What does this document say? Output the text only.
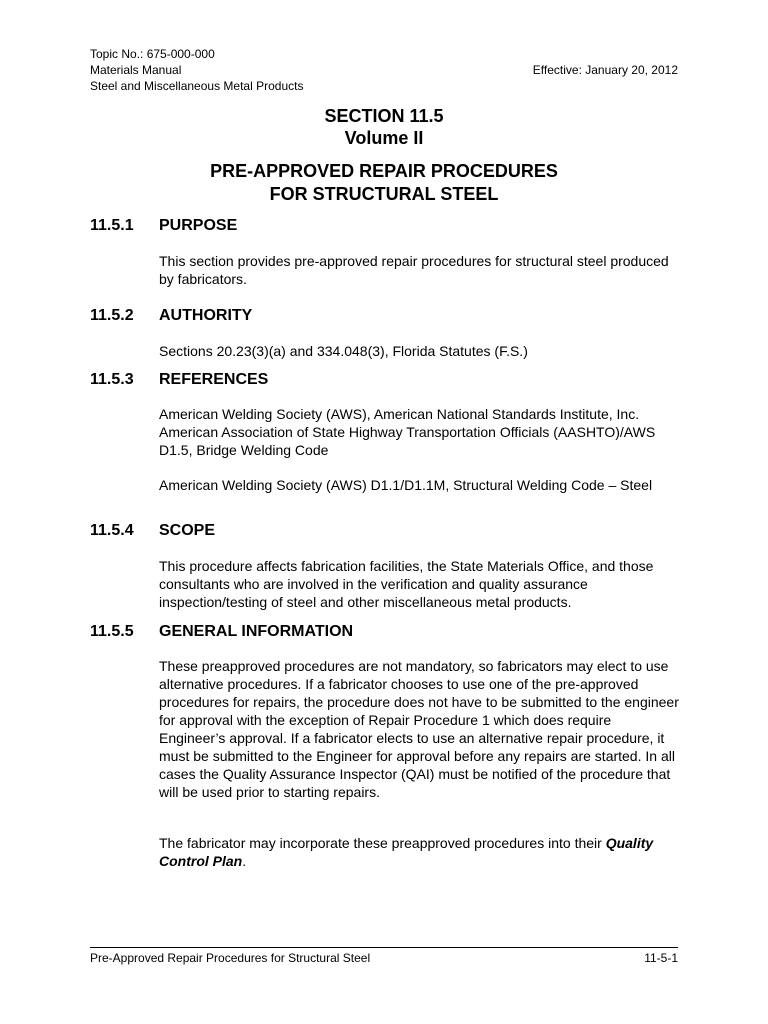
Topic No.: 675-000-000
Materials Manual
Steel and Miscellaneous Metal Products
Effective: January 20, 2012
SECTION 11.5
Volume II
PRE-APPROVED REPAIR PROCEDURES
FOR STRUCTURAL STEEL
11.5.1 PURPOSE
This section provides pre-approved repair procedures for structural steel produced by fabricators.
11.5.2 AUTHORITY
Sections 20.23(3)(a) and 334.048(3), Florida Statutes (F.S.)
11.5.3 REFERENCES
American Welding Society (AWS), American National Standards Institute, Inc. American Association of State Highway Transportation Officials (AASHTO)/AWS D1.5, Bridge Welding Code
American Welding Society (AWS) D1.1/D1.1M, Structural Welding Code – Steel
11.5.4 SCOPE
This procedure affects fabrication facilities, the State Materials Office, and those consultants who are involved in the verification and quality assurance inspection/testing of steel and other miscellaneous metal products.
11.5.5 GENERAL INFORMATION
These preapproved procedures are not mandatory, so fabricators may elect to use alternative procedures. If a fabricator chooses to use one of the pre-approved procedures for repairs, the procedure does not have to be submitted to the engineer for approval with the exception of Repair Procedure 1 which does require Engineer’s approval. If a fabricator elects to use an alternative repair procedure, it must be submitted to the Engineer for approval before any repairs are started. In all cases the Quality Assurance Inspector (QAI) must be notified of the procedure that will be used prior to starting repairs.
The fabricator may incorporate these preapproved procedures into their Quality Control Plan.
Pre-Approved Repair Procedures for Structural Steel	11-5-1
